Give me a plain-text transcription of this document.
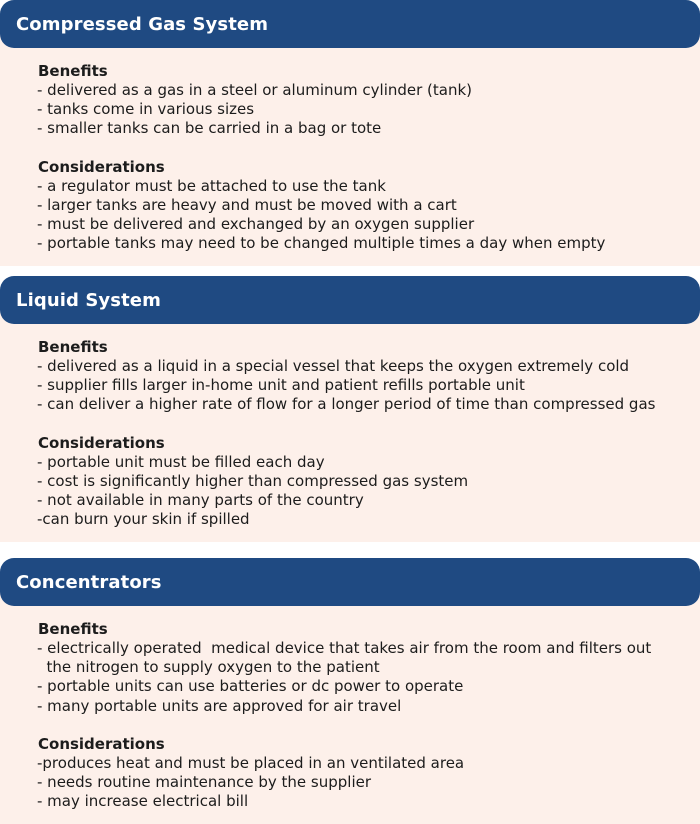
Benefits

- delivered as a gas in a steel or aluminum cylinder (tank)
- tanks come in various sizes
- smaller tanks can be carried in a bag or tote

Considerations

- a regulator must be attached to use the tank
- larger tanks are heavy and must be moved with a cart
- must be delivered and exchanged by an oxygen supplier
- portable tanks may need to be changed multiple times a day when empty
Compressed Gas System

Benefits

- delivered as a liquid in a special vessel that keeps the oxygen extremely cold
- supplier fills larger in-home unit and patient refills portable unit
- can deliver a higher rate of flow for a longer period of time than compressed gas

Considerations

- portable unit must be filled each day
- cost is significantly higher than compressed gas system
- not available in many parts of the country
-can burn your skin if spilled
Liquid System

Benefits

- electrically operated  medical device that takes air from the room and filters out
the nitrogen to supply oxygen to the patient
- portable units can use batteries or dc power to operate
- many portable units are approved for air travel

Considerations

-produces heat and must be placed in an ventilated area
- needs routine maintenance by the supplier
- may increase electrical bill
Concentrators
